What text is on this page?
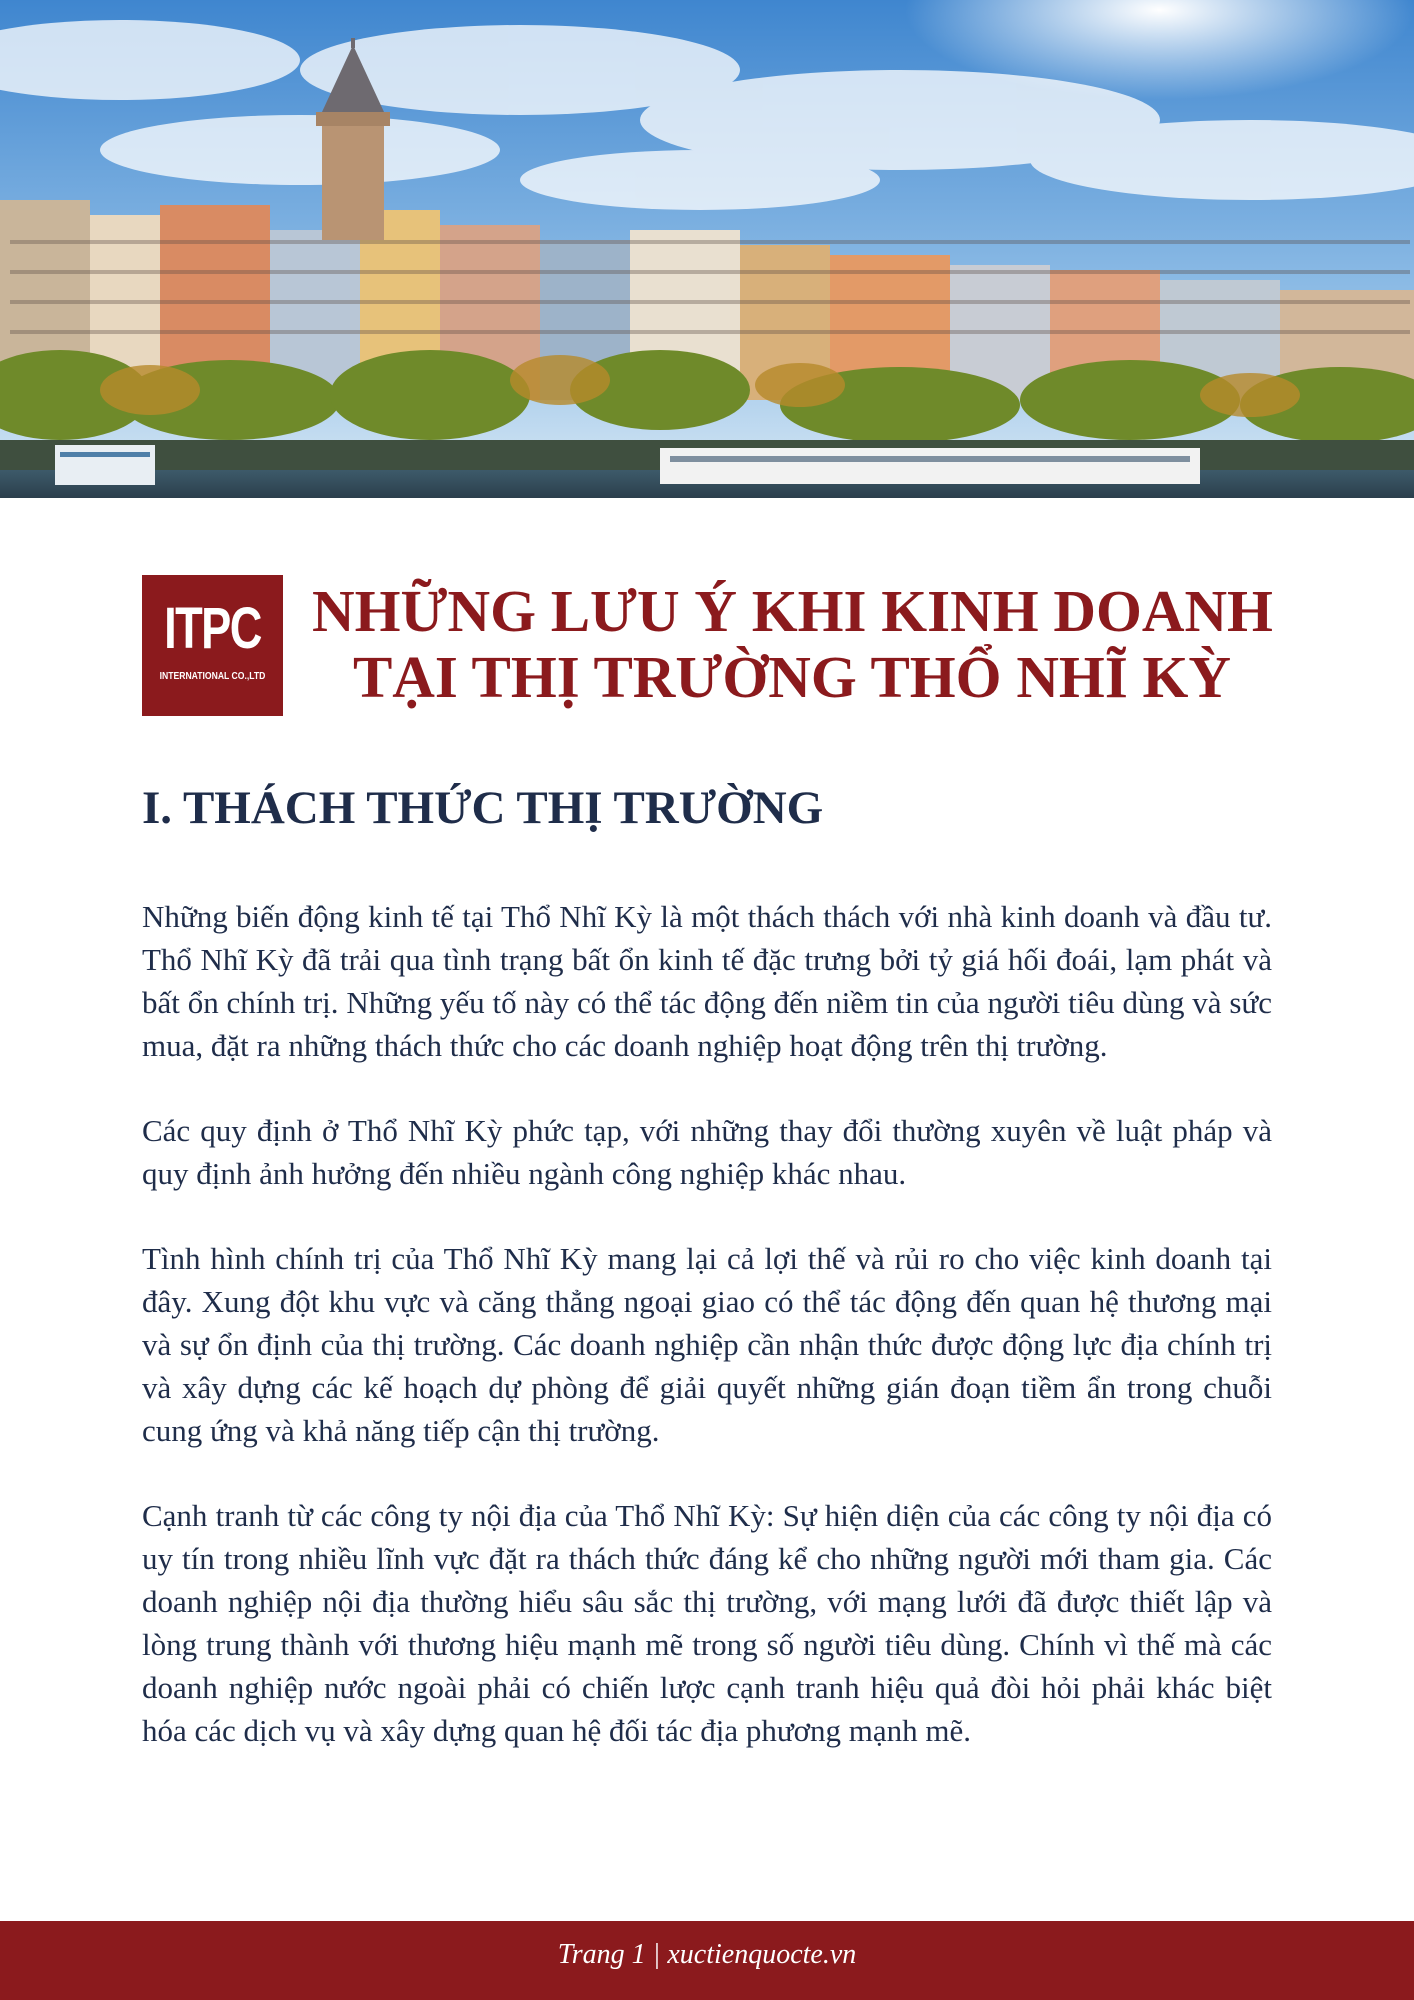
ITPC
INTERNATIONAL CO.,LTD
NHỮNG LƯU Ý KHI KINH DOANH
TẠI THỊ TRƯỜNG THỔ NHĨ KỲ
I. THÁCH THỨC THỊ TRƯỜNG

Những biến động kinh tế tại Thổ Nhĩ Kỳ là một thách thách với nhà kinh doanh và đầu tư. Thổ Nhĩ Kỳ đã trải qua tình trạng bất ổn kinh tế đặc trưng bởi tỷ giá hối đoái, lạm phát và bất ổn chính trị. Những yếu tố này có thể tác động đến niềm tin của người tiêu dùng và sức mua, đặt ra những thách thức cho các doanh nghiệp hoạt động trên thị trường.

Các quy định ở Thổ Nhĩ Kỳ phức tạp, với những thay đổi thường xuyên về luật pháp và quy định ảnh hưởng đến nhiều ngành công nghiệp khác nhau.

Tình hình chính trị của Thổ Nhĩ Kỳ mang lại cả lợi thế và rủi ro cho việc kinh doanh tại đây. Xung đột khu vực và căng thẳng ngoại giao có thể tác động đến quan hệ thương mại và sự ổn định của thị trường. Các doanh nghiệp cần nhận thức được động lực địa chính trị và xây dựng các kế hoạch dự phòng để giải quyết những gián đoạn tiềm ẩn trong chuỗi cung ứng và khả năng tiếp cận thị trường.

Cạnh tranh từ các công ty nội địa của Thổ Nhĩ Kỳ: Sự hiện diện của các công ty nội địa có uy tín trong nhiều lĩnh vực đặt ra thách thức đáng kể cho những người mới tham gia. Các doanh nghiệp nội địa thường hiểu sâu sắc thị trường, với mạng lưới đã được thiết lập và lòng trung thành với thương hiệu mạnh mẽ trong số người tiêu dùng. Chính vì thế mà các doanh nghiệp nước ngoài phải có chiến lược cạnh tranh hiệu quả đòi hỏi phải khác biệt hóa các dịch vụ và xây dựng quan hệ đối tác địa phương mạnh mẽ.

Trang 1 | xuctienquocte.vn
